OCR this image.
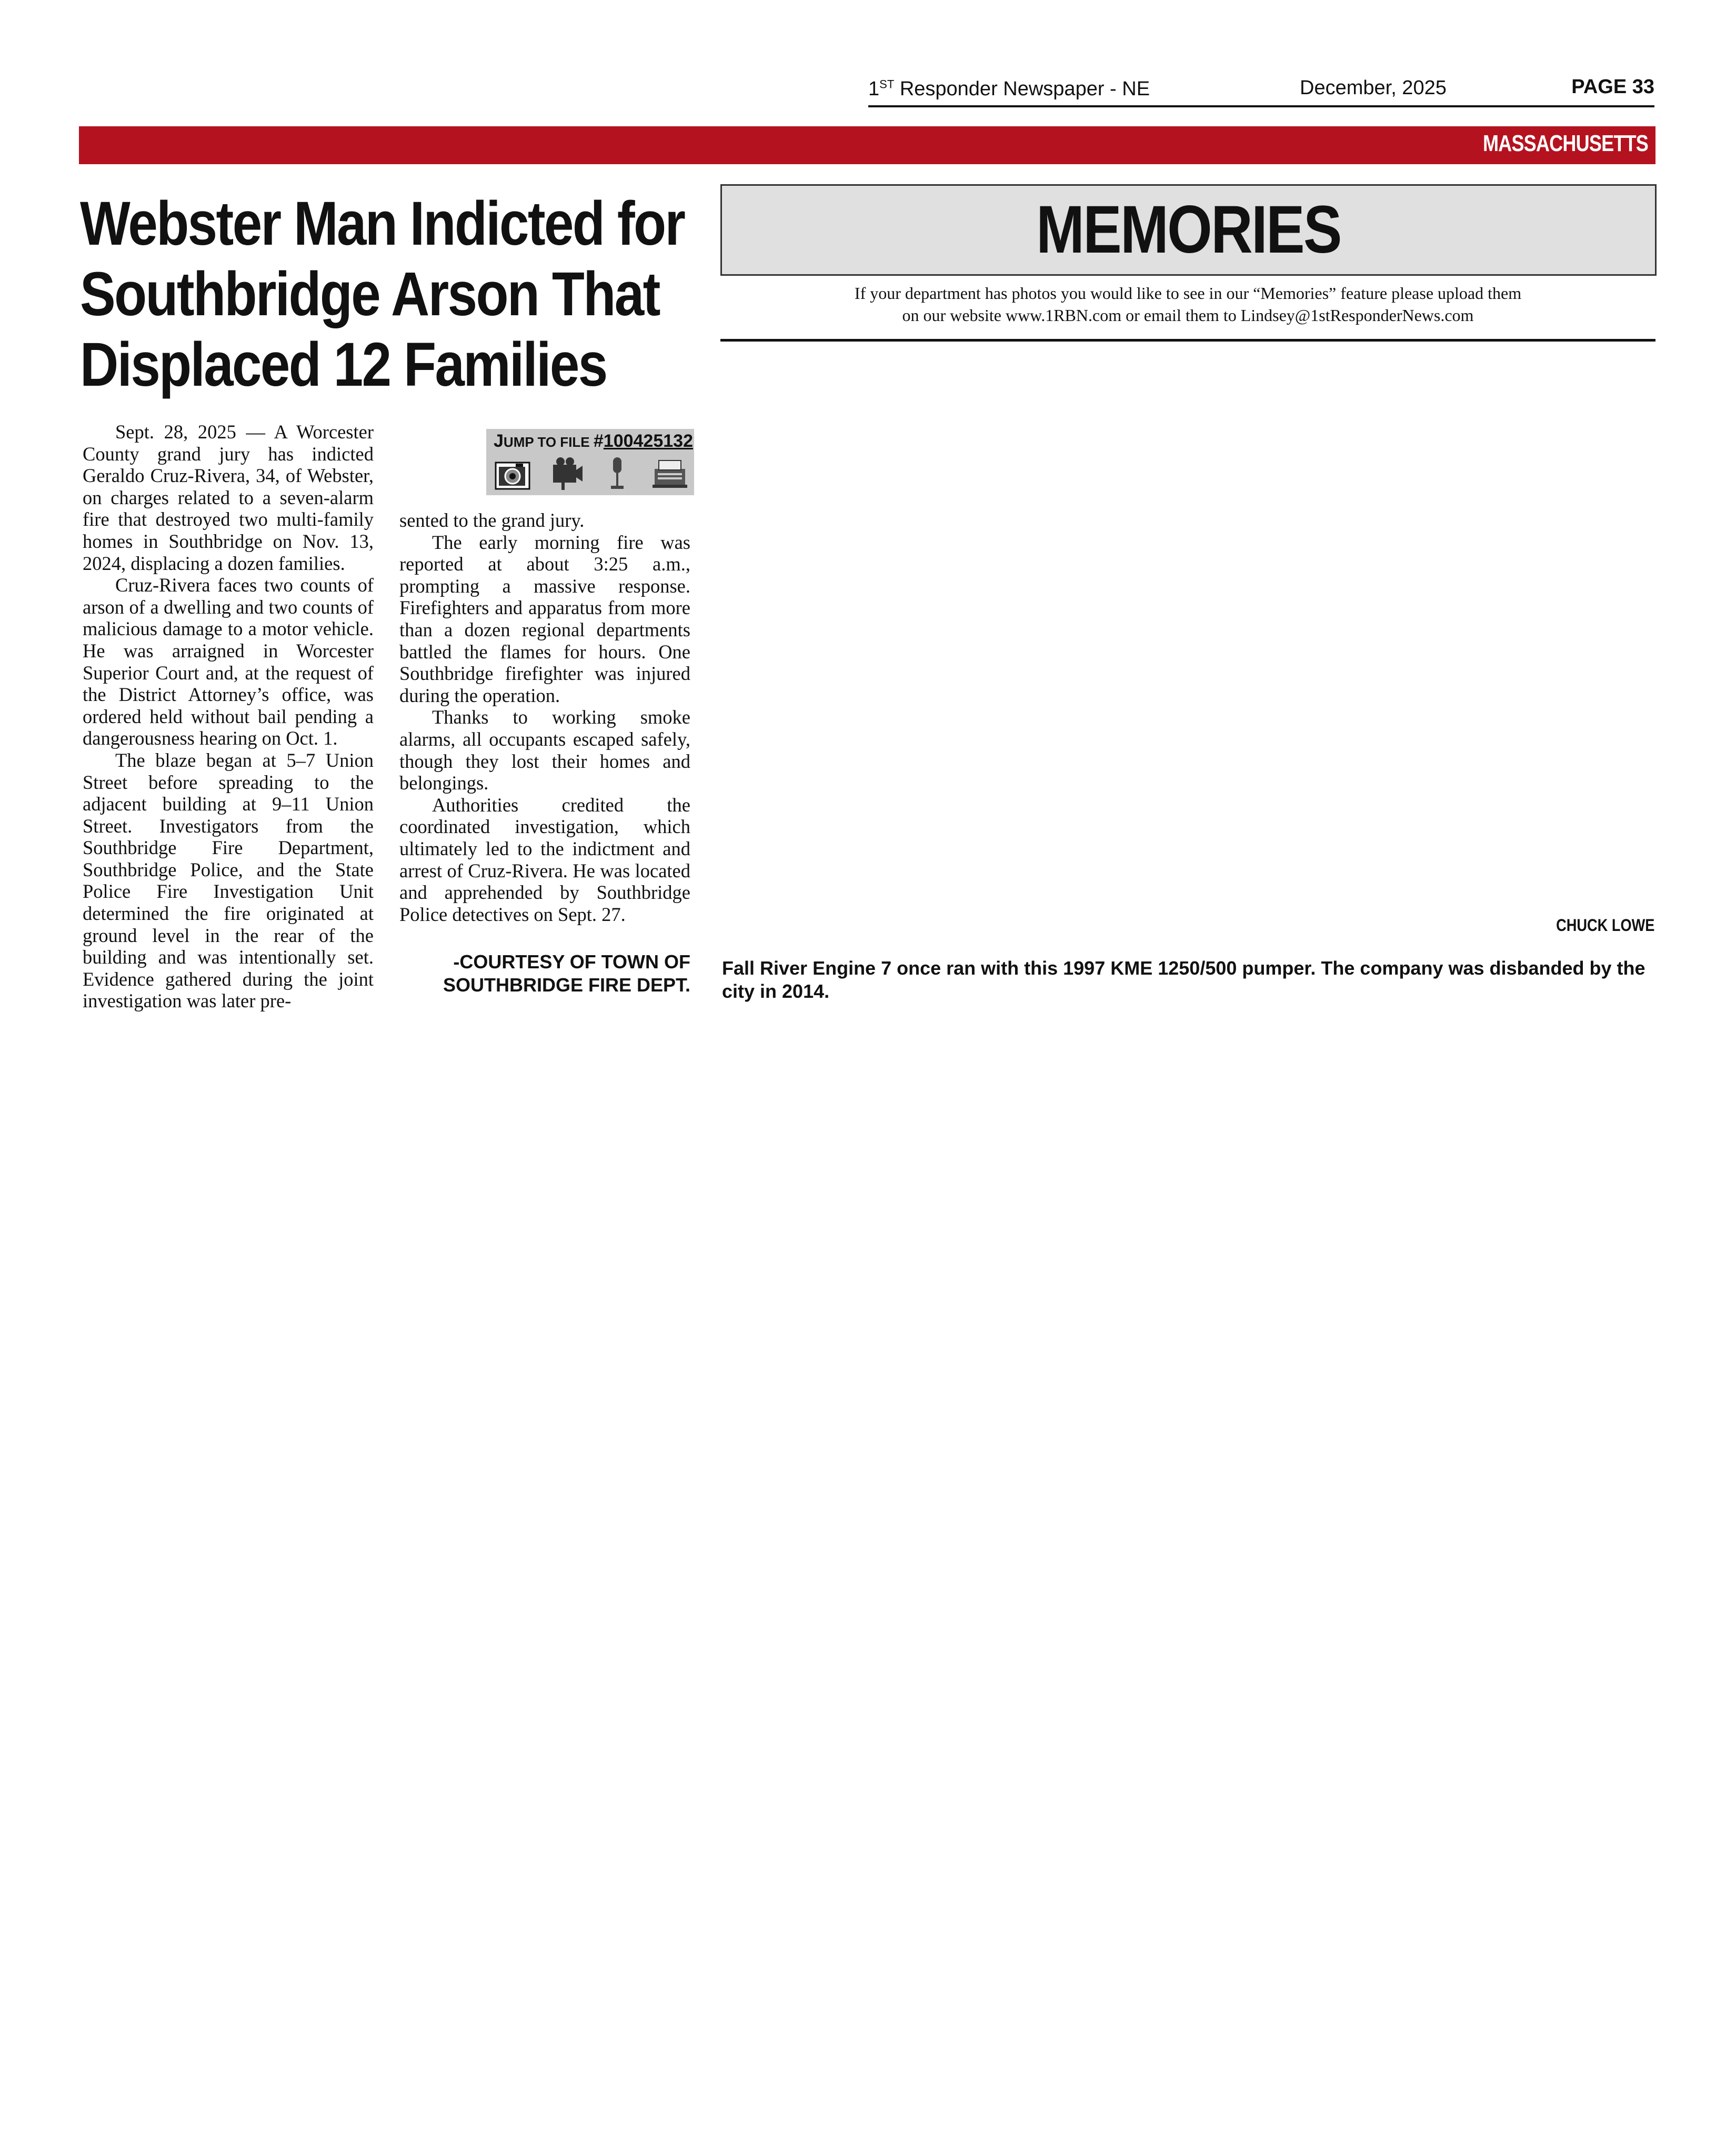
1ST Responder Newspaper - NE	December, 2025	PAGE 33
MASSACHUSETTS
Webster Man Indicted for
Southbridge Arson That
Displaced 12 Families

Sept. 28, 2025 — A Worcester County grand jury has indicted Geraldo Cruz-Rivera, 34, of Webster, on charges related to a seven-alarm fire that destroyed two multi-family homes in Southbridge on Nov. 13, 2024, displacing a dozen families.

Cruz-Rivera faces two counts of arson of a dwelling and two counts of malicious damage to a motor vehicle. He was arraigned in Worcester Superior Court and, at the request of the District Attorney’s office, was ordered held without bail pending a dangerousness hearing on Oct. 1.

The blaze began at 5–7 Union Street before spreading to the adjacent building at 9–11 Union Street. Investigators from the Southbridge Fire Department, Southbridge Police, and the State Police Fire Investigation Unit determined the fire originated at ground level in the rear of the building and was intentionally set. Evidence gathered during the joint investigation was later pre-

JUMP TO FILE #100425132

sented to the grand jury.

The early morning fire was reported at about 3:25 a.m., prompting a massive response. Firefighters and apparatus from more than a dozen regional departments battled the flames for hours. One Southbridge firefighter was injured during the operation.

Thanks to working smoke alarms, all occupants escaped safely, though they lost their homes and belongings.

Authorities credited the coordinated investigation, which ultimately led to the indictment and arrest of Cruz-Rivera. He was located and apprehended by Southbridge Police detectives on Sept. 27.

-COURTESY OF TOWN OF
SOUTHBRIDGE FIRE DEPT.
MEMORIES
If your department has photos you would like to see in our “Memories” feature please upload them
on our website www.1RBN.com or email them to Lindsey@1stResponderNews.com
CHUCK LOWE
Fall River Engine 7 once ran with this 1997 KME 1250/500 pumper. The company was disbanded by the city in 2014.
